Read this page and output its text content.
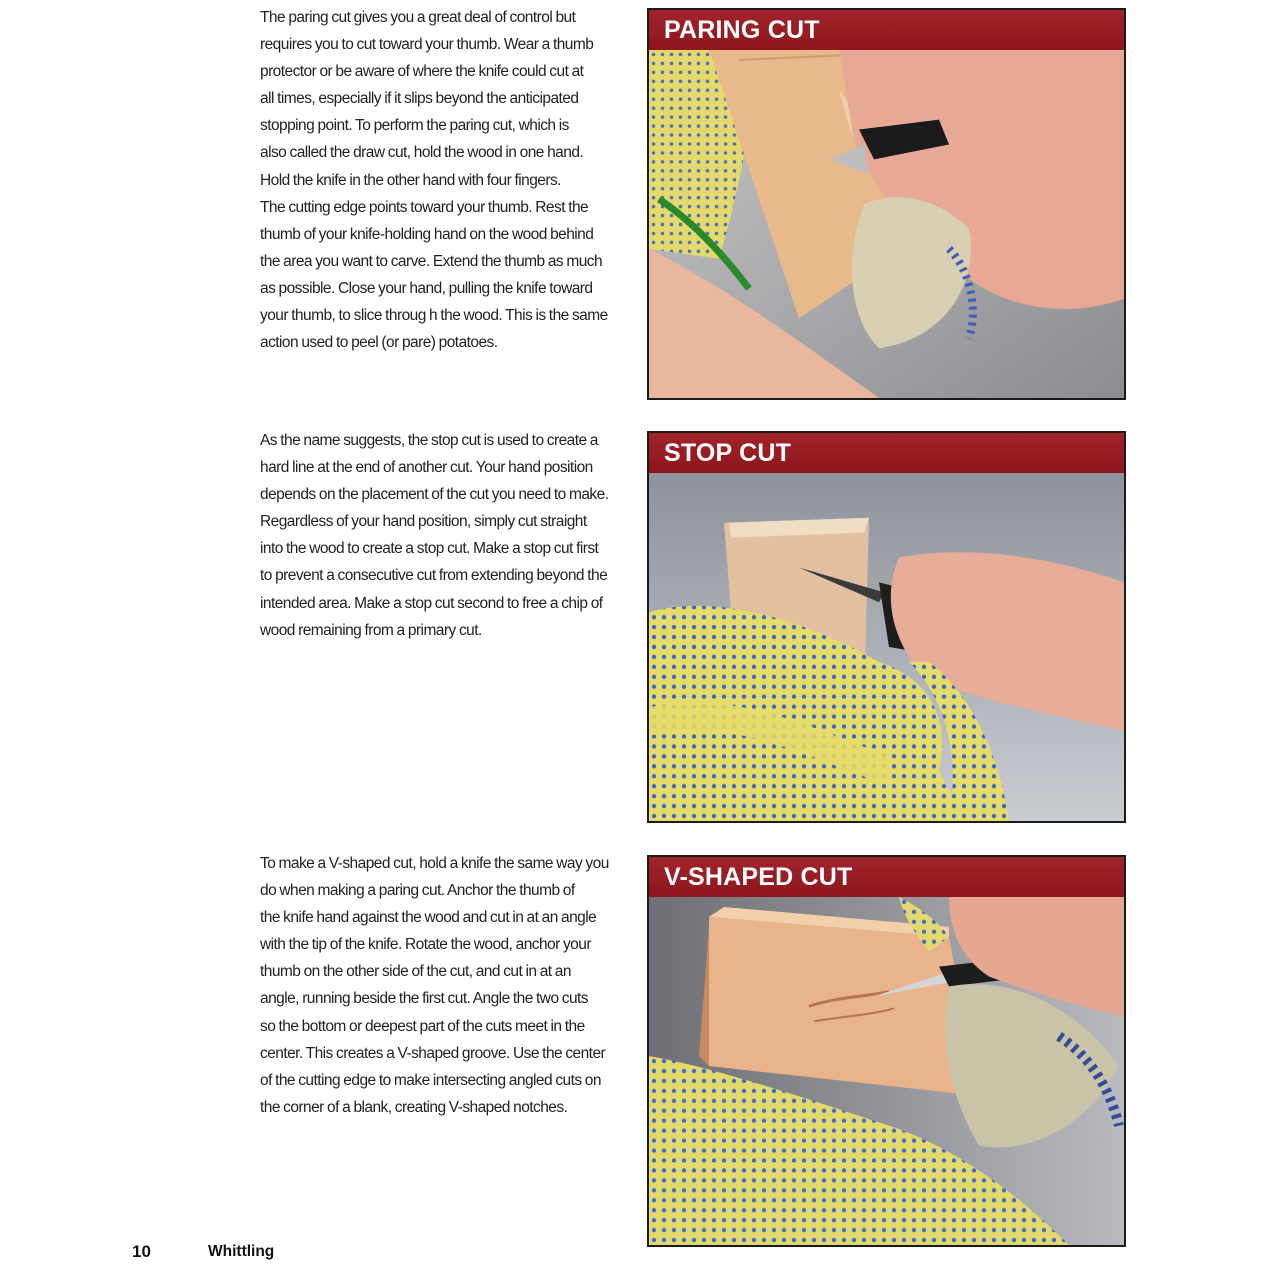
The paring cut gives you a great deal of control but
requires you to cut toward your thumb. Wear a thumb
protector or be aware of where the knife could cut at
all times, especially if it slips beyond the anticipated
stopping point. To perform the paring cut, which is
also called the draw cut, hold the wood in one hand.
Hold the knife in the other hand with four fingers.
The cutting edge points toward your thumb. Rest the
thumb of your knife-holding hand on the wood behind
the area you want to carve. Extend the thumb as much
as possible. Close your hand, pulling the knife toward
your thumb, to slice throug h the wood. This is the same
action used to peel (or pare) potatoes.
PARING CUT
As the name suggests, the stop cut is used to create a
hard line at the end of another cut. Your hand position
depends on the placement of the cut you need to make.
Regardless of your hand position, simply cut straight
into the wood to create a stop cut. Make a stop cut first
to prevent a consecutive cut from extending beyond the
intended area. Make a stop cut second to free a chip of
wood remaining from a primary cut.
STOP CUT
To make a V-shaped cut, hold a knife the same way you
do when making a paring cut. Anchor the thumb of
the knife hand against the wood and cut in at an angle
with the tip of the knife. Rotate the wood, anchor your
thumb on the other side of the cut, and cut in at an
angle, running beside the first cut. Angle the two cuts
so the bottom or deepest part of the cuts meet in the
center. This creates a V-shaped groove. Use the center
of the cutting edge to make intersecting angled cuts on
the corner of a blank, creating V-shaped notches.
V-SHAPED CUT
10	Whittling
